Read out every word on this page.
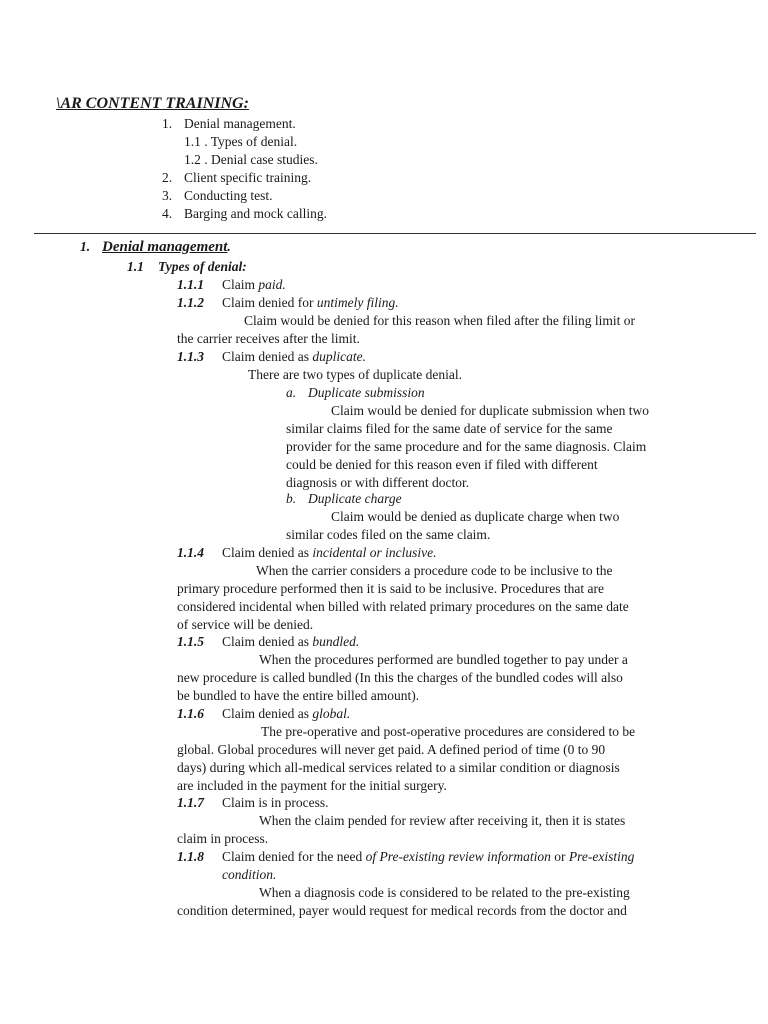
\AR CONTENT TRAINING:
1. Denial management.
1.1 . Types of denial.
1.2 . Denial case studies.
2. Client specific training.
3. Conducting test.
4. Barging and mock calling.
1. Denial management.
1.1 Types of denial:
1.1.1 Claim paid.
1.1.2 Claim denied for untimely filing.
Claim would be denied for this reason when filed after the filing limit or
the carrier receives after the limit.
1.1.3 Claim denied as duplicate.
There are two types of duplicate denial.
a. Duplicate submission
Claim would be denied for duplicate submission when two
similar claims filed for the same date of service for the same
provider for the same procedure and for the same diagnosis. Claim
could be denied for this reason even if filed with different
diagnosis or with different doctor.
b. Duplicate charge
Claim would be denied as duplicate charge when two
similar codes filed on the same claim.
1.1.4 Claim denied as incidental or inclusive.
When the carrier considers a procedure code to be inclusive to the
primary procedure performed then it is said to be inclusive. Procedures that are
considered incidental when billed with related primary procedures on the same date
of service will be denied.
1.1.5 Claim denied as bundled.
When the procedures performed are bundled together to pay under a
new procedure is called bundled (In this the charges of the bundled codes will also
be bundled to have the entire billed amount).
1.1.6 Claim denied as global.
The pre-operative and post-operative procedures are considered to be
global. Global procedures will never get paid. A defined period of time (0 to 90
days) during which all-medical services related to a similar condition or diagnosis
are included in the payment for the initial surgery.
1.1.7 Claim is in process.
When the claim pended for review after receiving it, then it is states
claim in process.
1.1.8 Claim denied for the need of Pre-existing review information or Pre-existing
condition.
When a diagnosis code is considered to be related to the pre-existing
condition determined, payer would request for medical records from the doctor and
